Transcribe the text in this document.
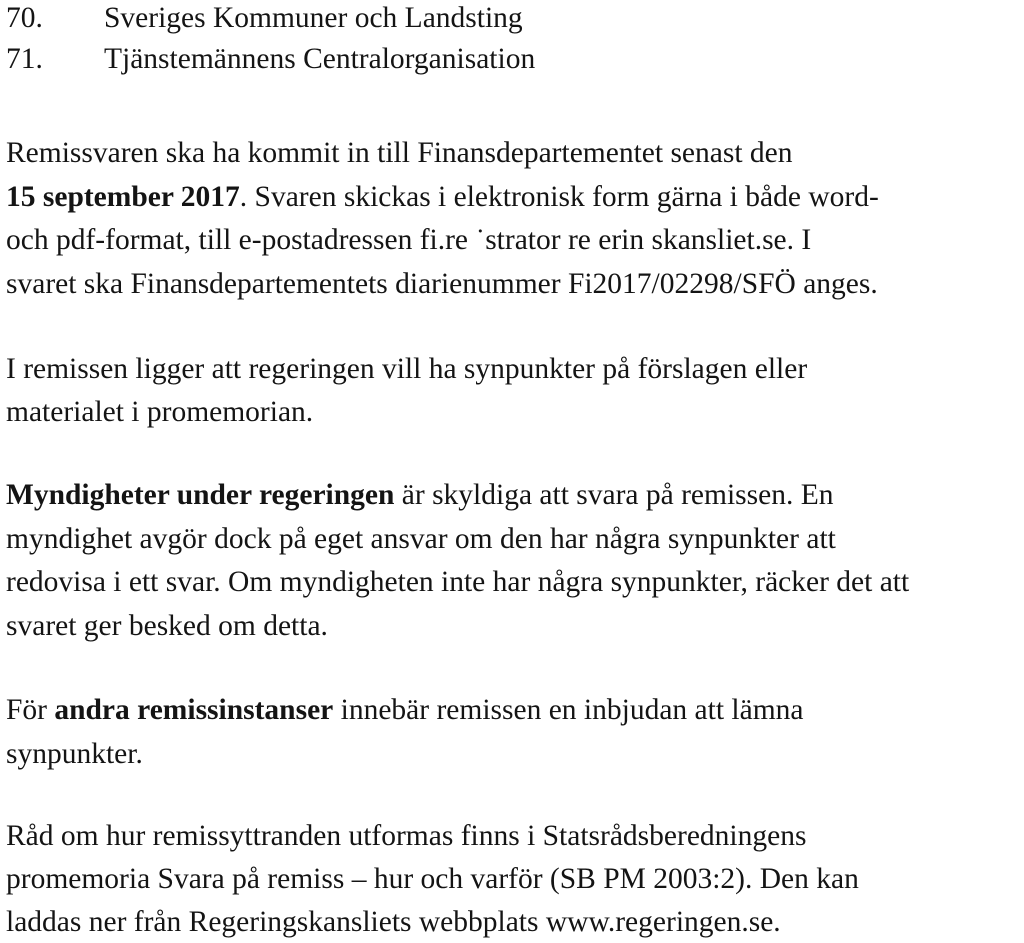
70. Sveriges Kommuner och Landsting
71. Tjänstemännens Centralorganisation
Remissvaren ska ha kommit in till Finansdepartementet senast den
15 september 2017. Svaren skickas i elektronisk form gärna i både word-
och pdf-format, till e-postadressen fi.re ˙strator re erin skansliet.se. I
svaret ska Finansdepartementets diarienummer Fi2017/02298/SFÖ anges.
I remissen ligger att regeringen vill ha synpunkter på förslagen eller
materialet i promemorian.
Myndigheter under regeringen är skyldiga att svara på remissen. En
myndighet avgör dock på eget ansvar om den har några synpunkter att
redovisa i ett svar. Om myndigheten inte har några synpunkter, räcker det att
svaret ger besked om detta.
För andra remissinstanser innebär remissen en inbjudan att lämna
synpunkter.
Råd om hur remissyttranden utformas finns i Statsrådsberedningens
promemoria Svara på remiss – hur och varför (SB PM 2003:2). Den kan
laddas ner från Regeringskansliets webbplats www.regeringen.se.
